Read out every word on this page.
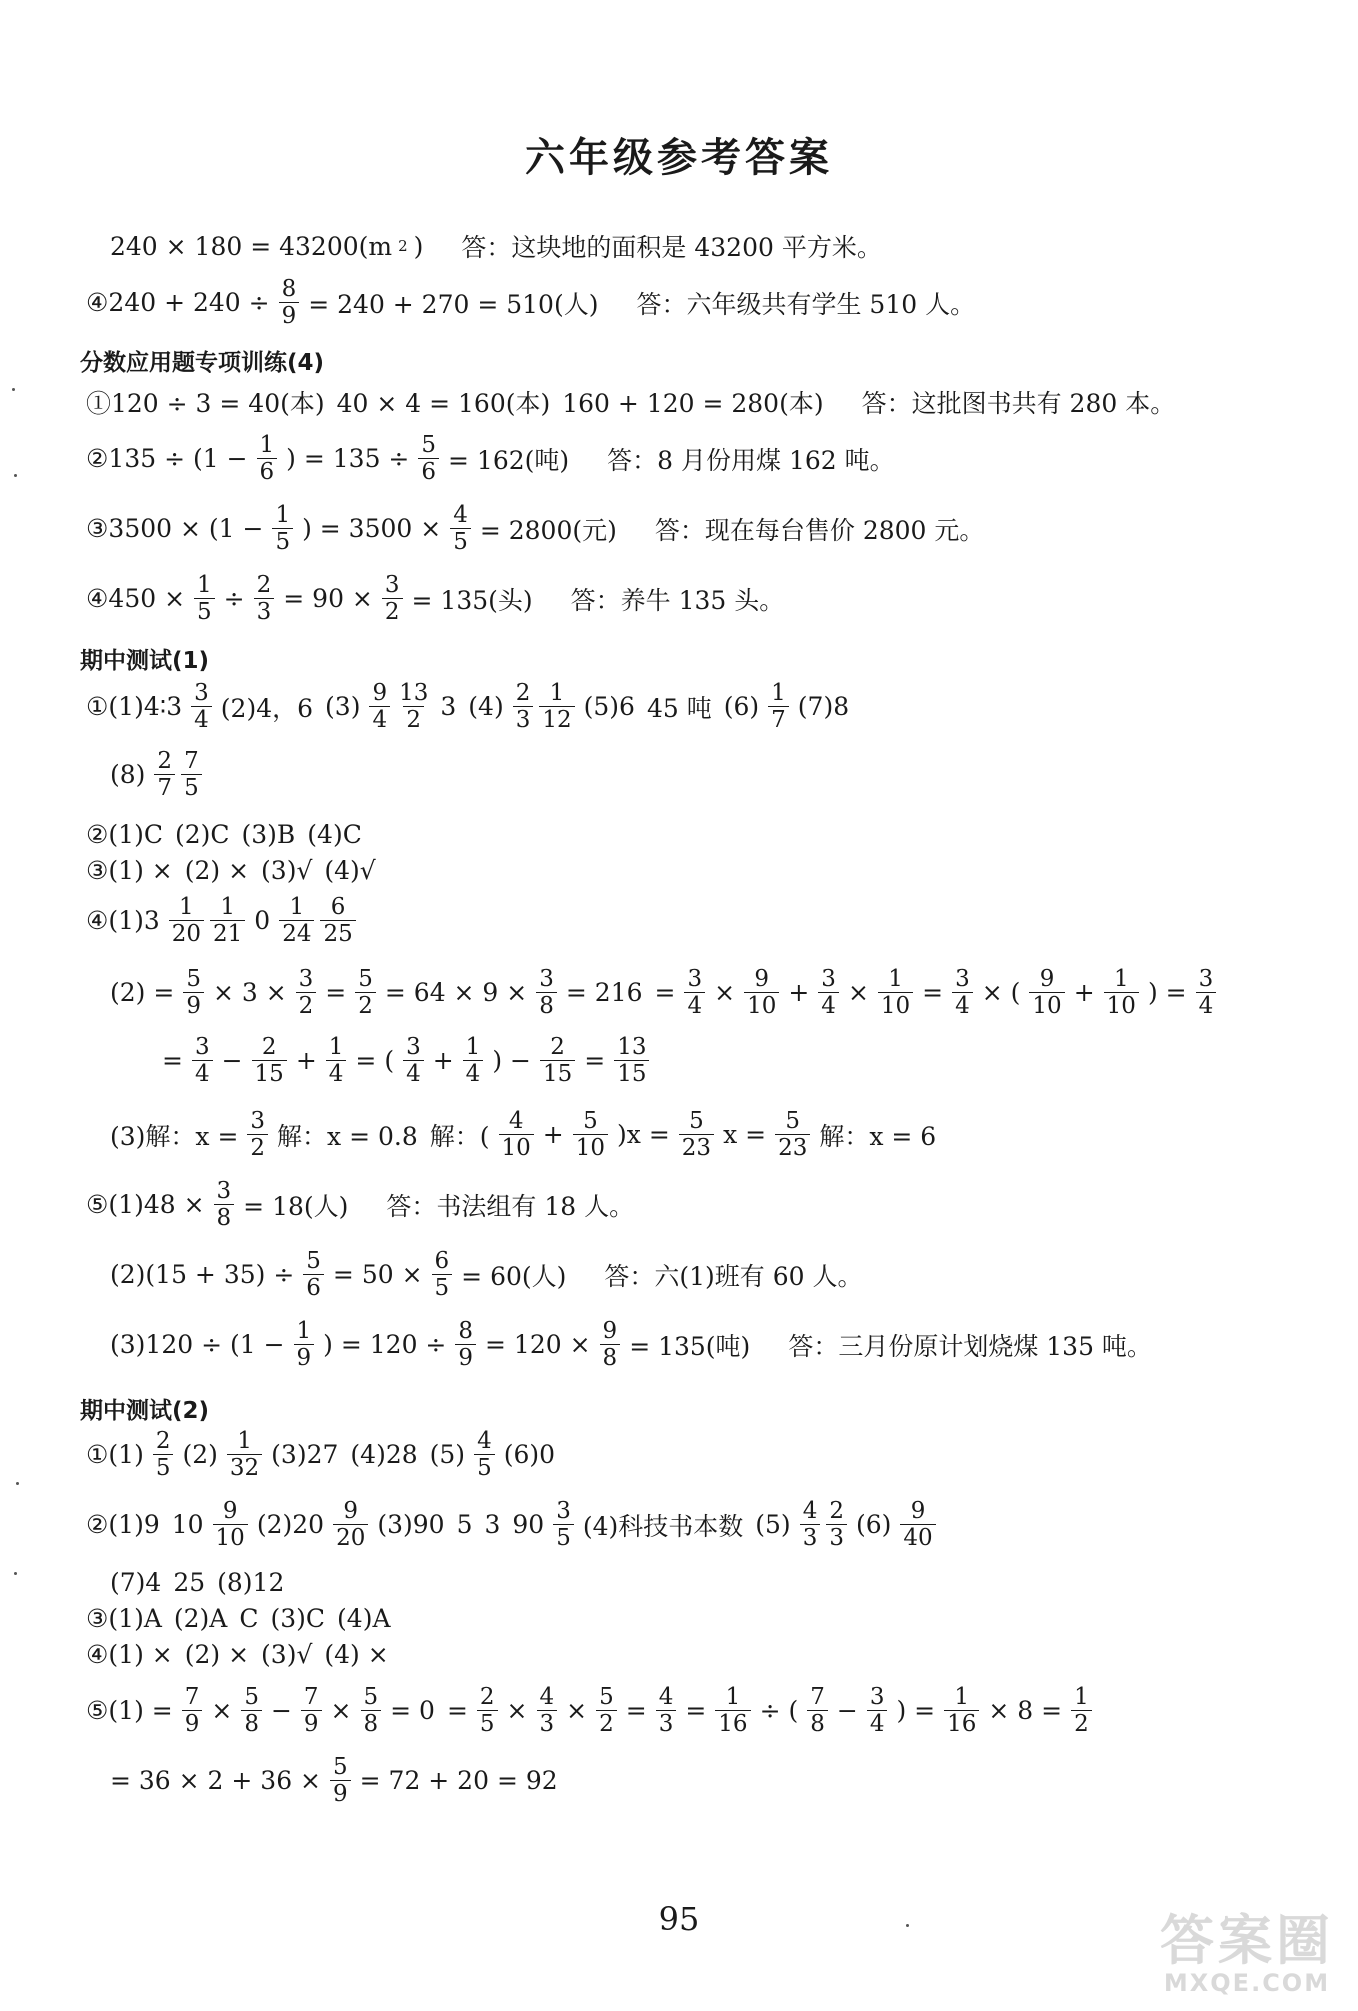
六年级参考答案
240 × 180 = 43200(m 2 ) 答：这块地的面积是 43200 平方米。
④240 + $240 \div \frac{8}{9} = 240 + 270 = 510$(人) 答：六年级共有学生 510 人。
分数应用题专项训练(4)
①120 ÷ 3 = 40(本) 40 × 4 = 160(本) 160 + 120 = 280(本) 答：这批图书共有 280 本。
②135 ÷ ($1 - \frac{1}{6}$ ) = $135 \div \frac{5}{6} = 162$(吨) 答：8 月份用煤 162 吨。
③3500 × ($1 - \frac{1}{5}$ ) = $3500 \times \frac{4}{5} = 2800$(元) 答：现在每台售价 2800 元。
④450 × $\frac{1}{5} \div \frac{2}{3} = 90 \times \frac{3}{2} = 135$(头) 答：养牛 135 头。
期中测试(1)
①(1)4∶3 $\frac{3}{4} (2)4$，6 $(3) \frac{9}{4} \frac{13}{2} 3$ $(4) \frac{2}{3} \frac{1}{12} (5)6$ 45 吨 $(6) \frac{1}{7} (7)8$
$(8) \frac{2}{7} \frac{7}{5}$
②(1)C (2)C (3)B (4)C
③(1) × (2) × (3)√ (4)√
④(1)3 $\frac{1}{20} \frac{1}{21} 0 \frac{1}{24} \frac{6}{25}$
$(2) = \frac{5}{9} \times 3 \times \frac{3}{2} = \frac{5}{2} = 64 \times 9 \times \frac{3}{8} = 216 = \frac{3}{4} \times \frac{9}{10} + \frac{3}{4} \times \frac{1}{10} = \frac{3}{4}$ × ( $\frac{9}{10} + \frac{1}{10}$ ) = $\frac{3}{4}$
= $\frac{3}{4} - \frac{2}{15} + \frac{1}{4}$ = ( $\frac{3}{4} + \frac{1}{4}$ ) − $\frac{2}{15} = \frac{13}{15}$
(3)解：$x = \frac{3}{2}$ 解：x = 0.8 解：( $\frac{4}{10} + \frac{5}{10} )x = \frac{5}{23}$ $x = \frac{5}{23}$ 解：x = 6
⑤(1)48 × $\frac{3}{8} = 18$(人) 答：书法组有 18 人。
$(2)(15 + 35) \div \frac{5}{6} = 50 \times \frac{6}{5} = 60$(人) 答：六(1)班有 60 人。
$(3)120 \div (1 - \frac{1}{9}$ ) = $120 \div \frac{8}{9} = 120 \times \frac{9}{8} = 135$(吨) 答：三月份原计划烧煤 135 吨。
期中测试(2)
①(1) $\frac{2}{5} (2) \frac{1}{32} (3)27$ (4)28 $(5) \frac{4}{5} (6)0$
②(1)9 $10 \frac{9}{10} (2)20 \frac{9}{20} (3)90$ 5 3 $90 \frac{3}{5} (4)$科技书本数 $(5) \frac{4}{3} \frac{2}{3} (6) \frac{9}{40}$
(7)4 25 (8)12
③(1)A (2)A C (3)C (4)A
④(1) × (2) × (3)√ (4) ×
⑤(1) = $\frac{7}{9} \times \frac{5}{8} - \frac{7}{9} \times \frac{5}{8} = 0 = \frac{2}{5} \times \frac{4}{3} \times \frac{5}{2} = \frac{4}{3} = \frac{1}{16}$ ÷ ( $\frac{7}{8} - \frac{3}{4}$ ) = $\frac{1}{16} \times 8 = \frac{1}{2}$
= $36 \times 2 + 36 \times \frac{5}{9} = 72 + 20 = 92$
95	答案圈
MXQE.COM
